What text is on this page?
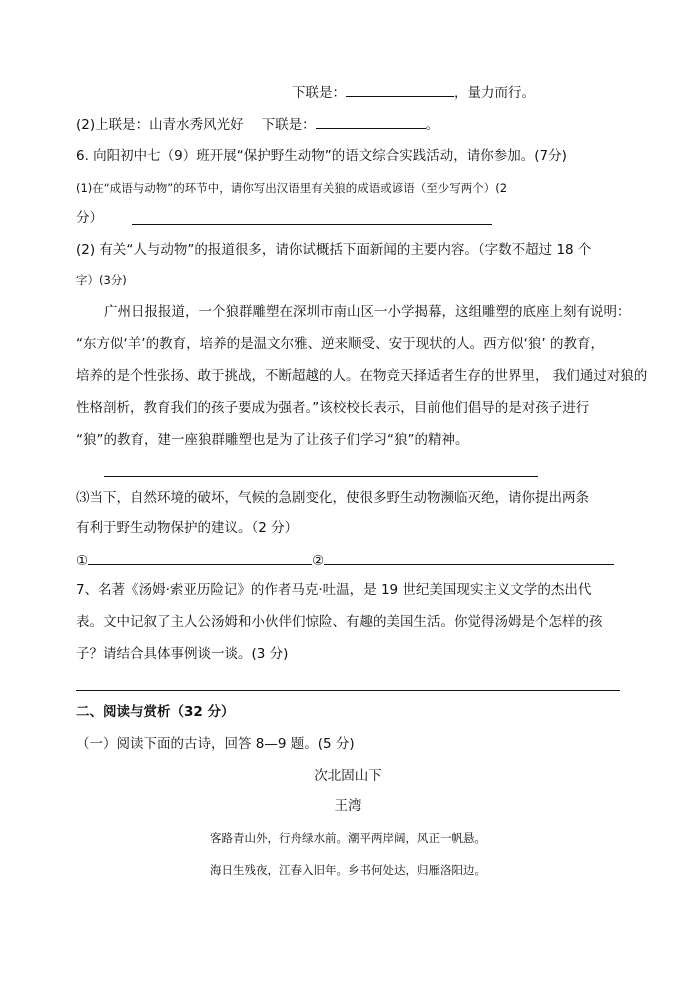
下联是：	，量力而行。
(2)上联是：山青水秀风光好 下联是：	。
6. 向阳初中七（9）班开展“保护野生动物”的语文综合实践活动，请你参加。(7分)
(1)在“成语与动物”的环节中，请你写出汉语里有关狼的成语或谚语（至少写两个）(2
分）
(2) 有关“人与动物”的报道很多，请你试概括下面新闻的主要内容。（字数不超过 18 个
字）(3分)
广州日报报道，一个狼群雕塑在深圳市南山区一小学揭幕，这组雕塑的底座上刻有说明：
“东方似‘羊’的教育，培养的是温文尔雅、逆来顺受、安于现状的人。西方似‘狼’ 的教育，
培养的是个性张扬、敢于挑战，不断超越的人。在物竞天择适者生存的世界里， 我们通过对狼的
性格剖析，教育我们的孩子要成为强者。”该校校长表示，目前他们倡导的是对孩子进行
“狼”的教育，建一座狼群雕塑也是为了让孩子们学习“狼”的精神。
⑶当下，自然环境的破坏，气候的急剧变化，使很多野生动物濒临灭绝，请你提出两条
有利于野生动物保护的建议。（2 分）
①	②
7、名著《汤姆·索亚历险记》的作者马克·吐温，是 19 世纪美国现实主义文学的杰出代
表。文中记叙了主人公汤姆和小伙伴们惊险、有趣的美国生活。你觉得汤姆是个怎样的孩
子？请结合具体事例谈一谈。(3 分)
二、阅读与赏析（32 分）
（一）阅读下面的古诗，回答 8—9 题。(5 分)
次北固山下
王湾
客路青山外，行舟绿水前。潮平两岸阔，风正一帆悬。
海日生残夜，江春入旧年。乡书何处达，归雁洛阳边。
